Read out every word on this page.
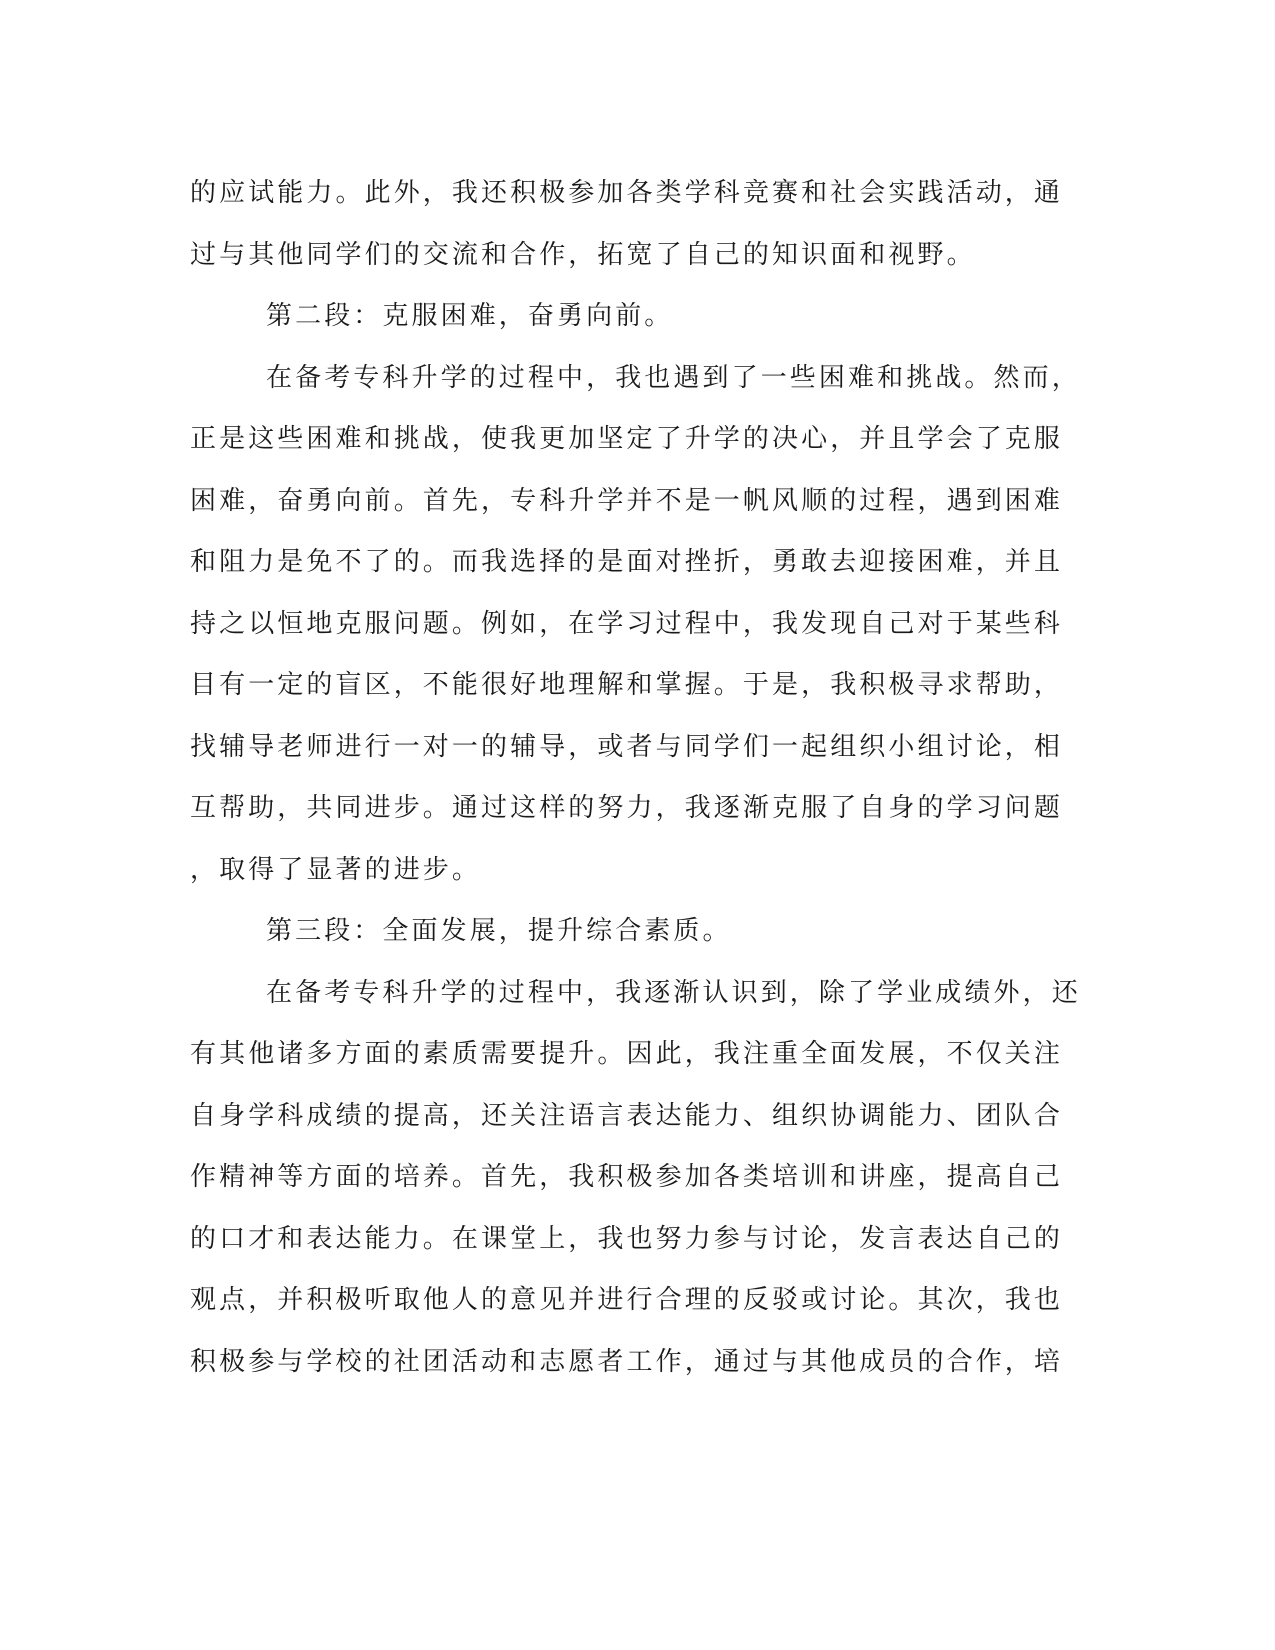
的应试能力。此外，我还积极参加各类学科竞赛和社会实践活动，通
过与其他同学们的交流和合作，拓宽了自己的知识面和视野。
第二段：克服困难，奋勇向前。
在备考专科升学的过程中，我也遇到了一些困难和挑战。然而，
正是这些困难和挑战，使我更加坚定了升学的决心，并且学会了克服
困难，奋勇向前。首先，专科升学并不是一帆风顺的过程，遇到困难
和阻力是免不了的。而我选择的是面对挫折，勇敢去迎接困难，并且
持之以恒地克服问题。例如，在学习过程中，我发现自己对于某些科
目有一定的盲区，不能很好地理解和掌握。于是，我积极寻求帮助，
找辅导老师进行一对一的辅导，或者与同学们一起组织小组讨论，相
互帮助，共同进步。通过这样的努力，我逐渐克服了自身的学习问题
，取得了显著的进步。
第三段：全面发展，提升综合素质。
在备考专科升学的过程中，我逐渐认识到，除了学业成绩外，还
有其他诸多方面的素质需要提升。因此，我注重全面发展，不仅关注
自身学科成绩的提高，还关注语言表达能力、组织协调能力、团队合
作精神等方面的培养。首先，我积极参加各类培训和讲座，提高自己
的口才和表达能力。在课堂上，我也努力参与讨论，发言表达自己的
观点，并积极听取他人的意见并进行合理的反驳或讨论。其次，我也
积极参与学校的社团活动和志愿者工作，通过与其他成员的合作，培
